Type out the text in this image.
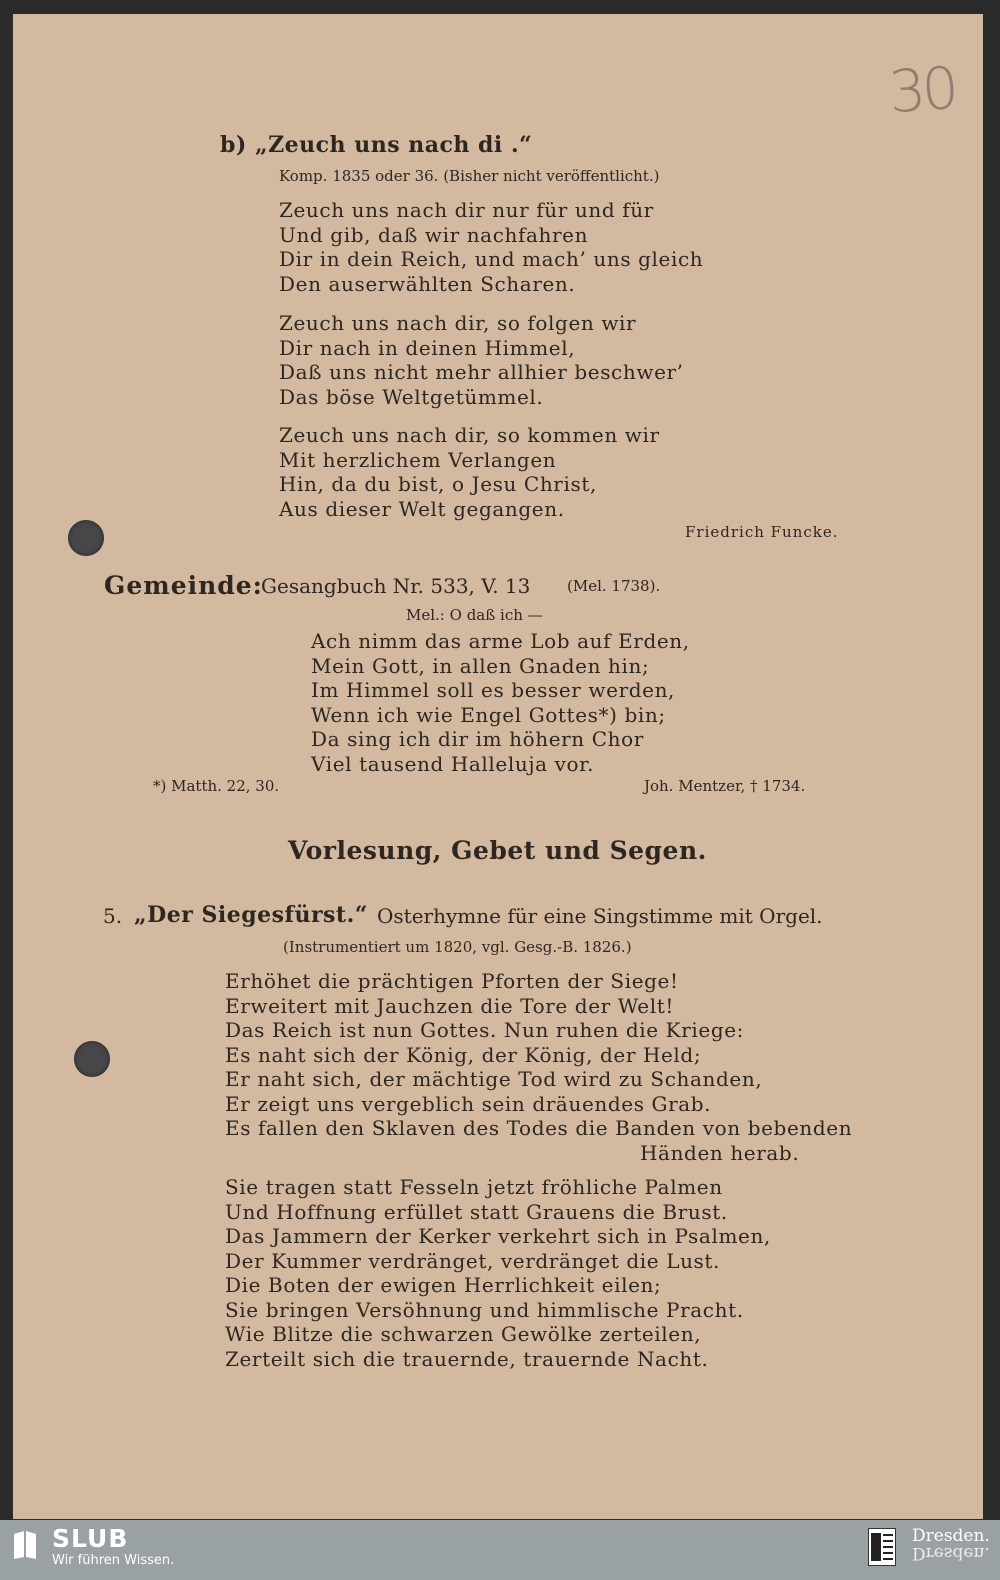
30
b) „Zeuch uns nach di .“
Komp. 1835 oder 36. (Bisher nicht veröffentlicht.)
Zeuch uns nach dir nur für und für
Und gib, daß wir nachfahren
Dir in dein Reich, und mach’ uns gleich
Den auserwählten Scharen.
Zeuch uns nach dir, so folgen wir
Dir nach in deinen Himmel,
Daß uns nicht mehr allhier beschwer’
Das böse Weltgetümmel.
Zeuch uns nach dir, so kommen wir
Mit herzlichem Verlangen
Hin, da du bist, o Jesu Christ,
Aus dieser Welt gegangen.
Friedrich Funcke.
Gemeinde:
Gesangbuch Nr. 533, V. 13 (Mel. 1738).
Mel.: O daß ich —
Ach nimm das arme Lob auf Erden,
Mein Gott, in allen Gnaden hin;
Im Himmel soll es besser werden,
Wenn ich wie Engel Gottes*) bin;
Da sing ich dir im höhern Chor
Viel tausend Halleluja vor.
*) Matth. 22, 30.	Joh. Mentzer, † 1734.
Vorlesung, Gebet und Segen.
5. „Der Siegesfürst.“ Osterhymne für eine Singstimme mit Orgel.
(Instrumentiert um 1820, vgl. Gesg.-B. 1826.)
Erhöhet die prächtigen Pforten der Siege!
Erweitert mit Jauchzen die Tore der Welt!
Das Reich ist nun Gottes. Nun ruhen die Kriege:
Es naht sich der König, der König, der Held;
Er naht sich, der mächtige Tod wird zu Schanden,
Er zeigt uns vergeblich sein dräuendes Grab.
Es fallen den Sklaven des Todes die Banden von bebenden
Händen herab.
Sie tragen statt Fesseln jetzt fröhliche Palmen
Und Hoffnung erfüllet statt Grauens die Brust.
Das Jammern der Kerker verkehrt sich in Psalmen,
Der Kummer verdränget, verdränget die Lust.
Die Boten der ewigen Herrlichkeit eilen;
Sie bringen Versöhnung und himmlische Pracht.
Wie Blitze die schwarzen Gewölke zerteilen,
Zerteilt sich die trauernde, trauernde Nacht.
SLUB
Wir führen Wissen.
Dresden.
Dresden.
